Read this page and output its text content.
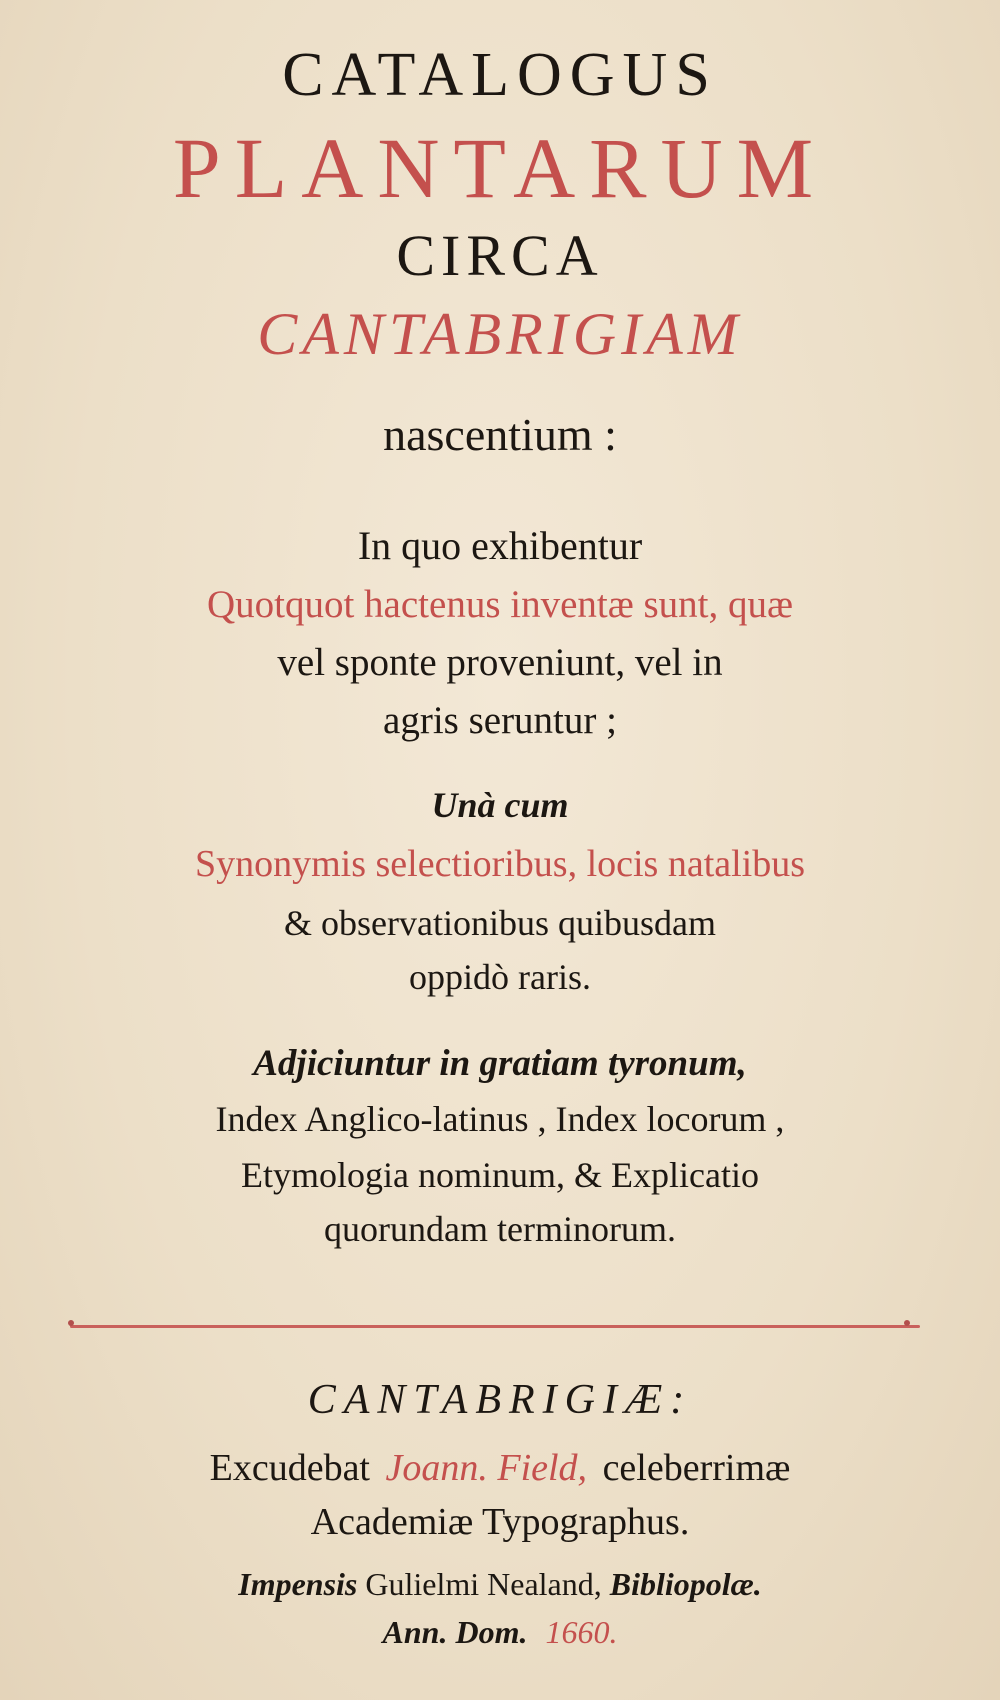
CATALOGUS
PLANTARUM
CIRCA
CANTABRIGIAM
nascentium :
In quo exhibentur
Quotquot hactenus inventæ sunt, quæ
vel sponte proveniunt, vel in
agris seruntur ;
Unà cum
Synonymis selectioribus, locis natalibus
& observationibus quibusdam
oppidò raris.
Adjiciuntur in gratiam tyronum,
Index Anglico-latinus , Index locorum ,
Etymologia nominum, & Explicatio
quorundam terminorum.
CANTABRIGIÆ:
Excudebat Joann. Field, celeberrimæ
Academiæ Typographus.
Impensis Gulielmi Nealand, Bibliopolæ.
Ann. Dom. 1660.
